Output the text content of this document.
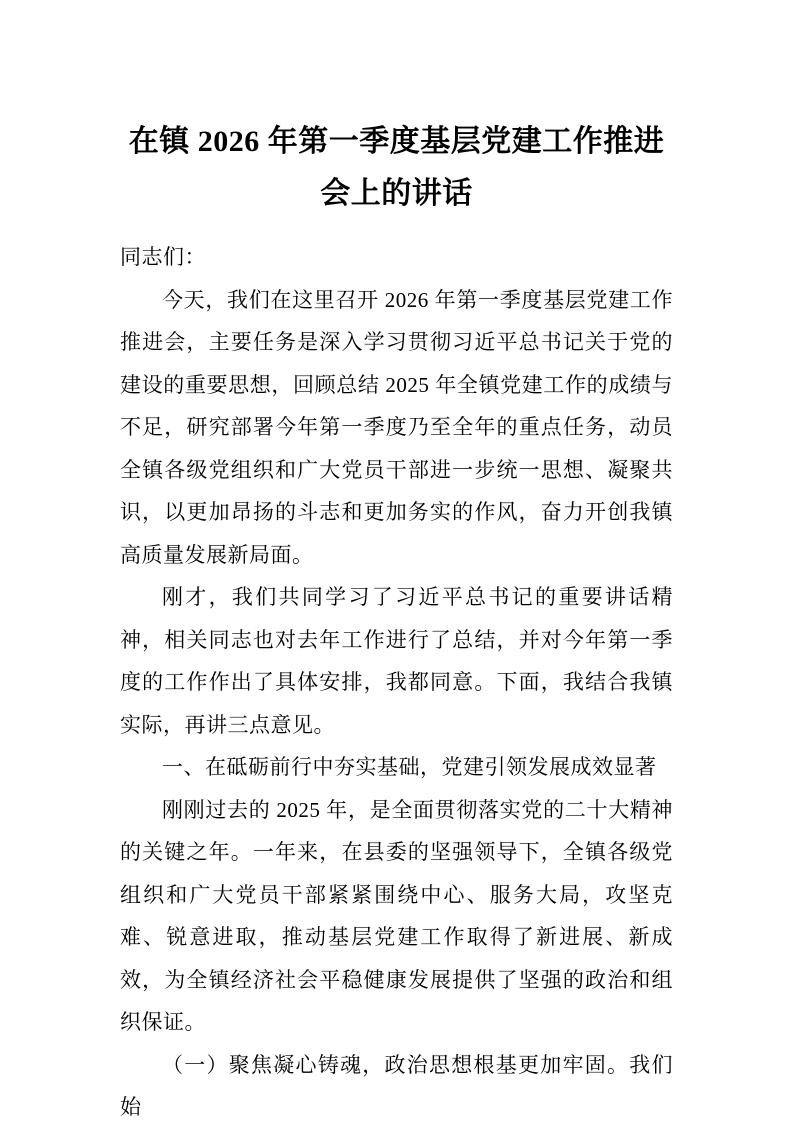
在镇 2026 年第一季度基层党建工作推进会上的讲话

同志们：

今天，我们在这里召开 2026 年第一季度基层党建工作推进会，主要任务是深入学习贯彻习近平总书记关于党的建设的重要思想，回顾总结 2025 年全镇党建工作的成绩与不足，研究部署今年第一季度乃至全年的重点任务，动员全镇各级党组织和广大党员干部进一步统一思想、凝聚共识，以更加昂扬的斗志和更加务实的作风，奋力开创我镇高质量发展新局面。

刚才，我们共同学习了习近平总书记的重要讲话精神，相关同志也对去年工作进行了总结，并对今年第一季度的工作作出了具体安排，我都同意。下面，我结合我镇实际，再讲三点意见。

一、在砥砺前行中夯实基础，党建引领发展成效显著

刚刚过去的 2025 年，是全面贯彻落实党的二十大精神的关键之年。一年来，在县委的坚强领导下，全镇各级党组织和广大党员干部紧紧围绕中心、服务大局，攻坚克难、锐意进取，推动基层党建工作取得了新进展、新成效，为全镇经济社会平稳健康发展提供了坚强的政治和组织保证。

（一）聚焦凝心铸魂，政治思想根基更加牢固。我们始
